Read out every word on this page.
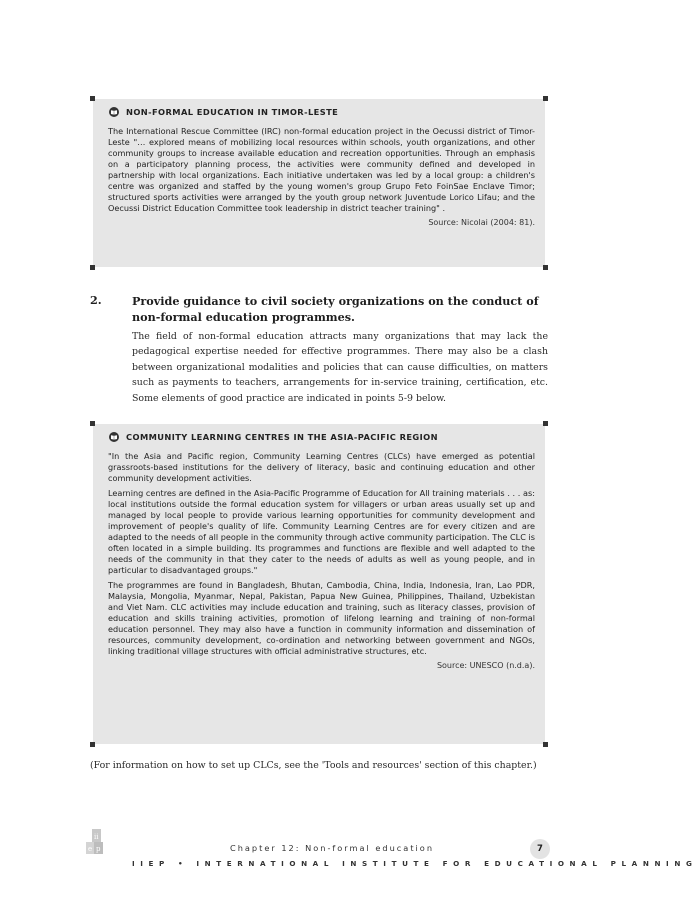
NON-FORMAL EDUCATION IN TIMOR-LESTE

The International Rescue Committee (IRC) non-formal education project in the Oecussi district of Timor-Leste "… explored means of mobilizing local resources within schools, youth organizations, and other community groups to increase available education and recreation opportunities. Through an emphasis on a participatory planning process, the activities were community defined and developed in partnership with local organizations. Each initiative undertaken was led by a local group: a children's centre was organized and staffed by the young women's group Grupo Feto FoinSae Enclave Timor; structured sports activities were arranged by the youth group network Juventude Lorico Lifau; and the Oecussi District Education Committee took leadership in district teacher training" .

Source: Nicolai (2004: 81).
2.	Provide guidance to civil society organizations on the conduct of non-formal education programmes.
The field of non-formal education attracts many organizations that may lack the pedagogical expertise needed for effective programmes. There may also be a clash between organizational modalities and policies that can cause difficulties, on matters such as payments to teachers, arrangements for in-service training, certification, etc. Some elements of good practice are indicated in points 5-9 below.
COMMUNITY LEARNING CENTRES IN THE ASIA-PACIFIC REGION

"In the Asia and Pacific region, Community Learning Centres (CLCs) have emerged as potential grassroots-based institutions for the delivery of literacy, basic and continuing education and other community development activities.

Learning centres are defined in the Asia-Pacific Programme of Education for All training materials . . . as: local institutions outside the formal education system for villagers or urban areas usually set up and managed by local people to provide various learning opportunities for community development and improvement of people's quality of life. Community Learning Centres are for every citizen and are adapted to the needs of all people in the community through active community participation. The CLC is often located in a simple building. Its programmes and functions are flexible and well adapted to the needs of the community in that they cater to the needs of adults as well as young people, and in particular to disadvantaged groups."

The programmes are found in Bangladesh, Bhutan, Cambodia, China, India, Indonesia, Iran, Lao PDR, Malaysia, Mongolia, Myanmar, Nepal, Pakistan, Papua New Guinea, Philippines, Thailand, Uzbekistan and Viet Nam. CLC activities may include education and training, such as literacy classes, provision of education and skills training activities, promotion of lifelong learning and training of non-formal education personnel. They may also have a function in community information and dissemination of resources, community development, co-ordination and networking between government and NGOs, linking traditional village structures with official administrative structures, etc.

Source: UNESCO (n.d.a).
(For information on how to set up CLCs, see the 'Tools and resources' section of this chapter.)
ii
e p	Chapter 12: Non-formal education
IIEP • INTERNATIONAL INSTITUTE FOR EDUCATIONAL PLANNING
7
